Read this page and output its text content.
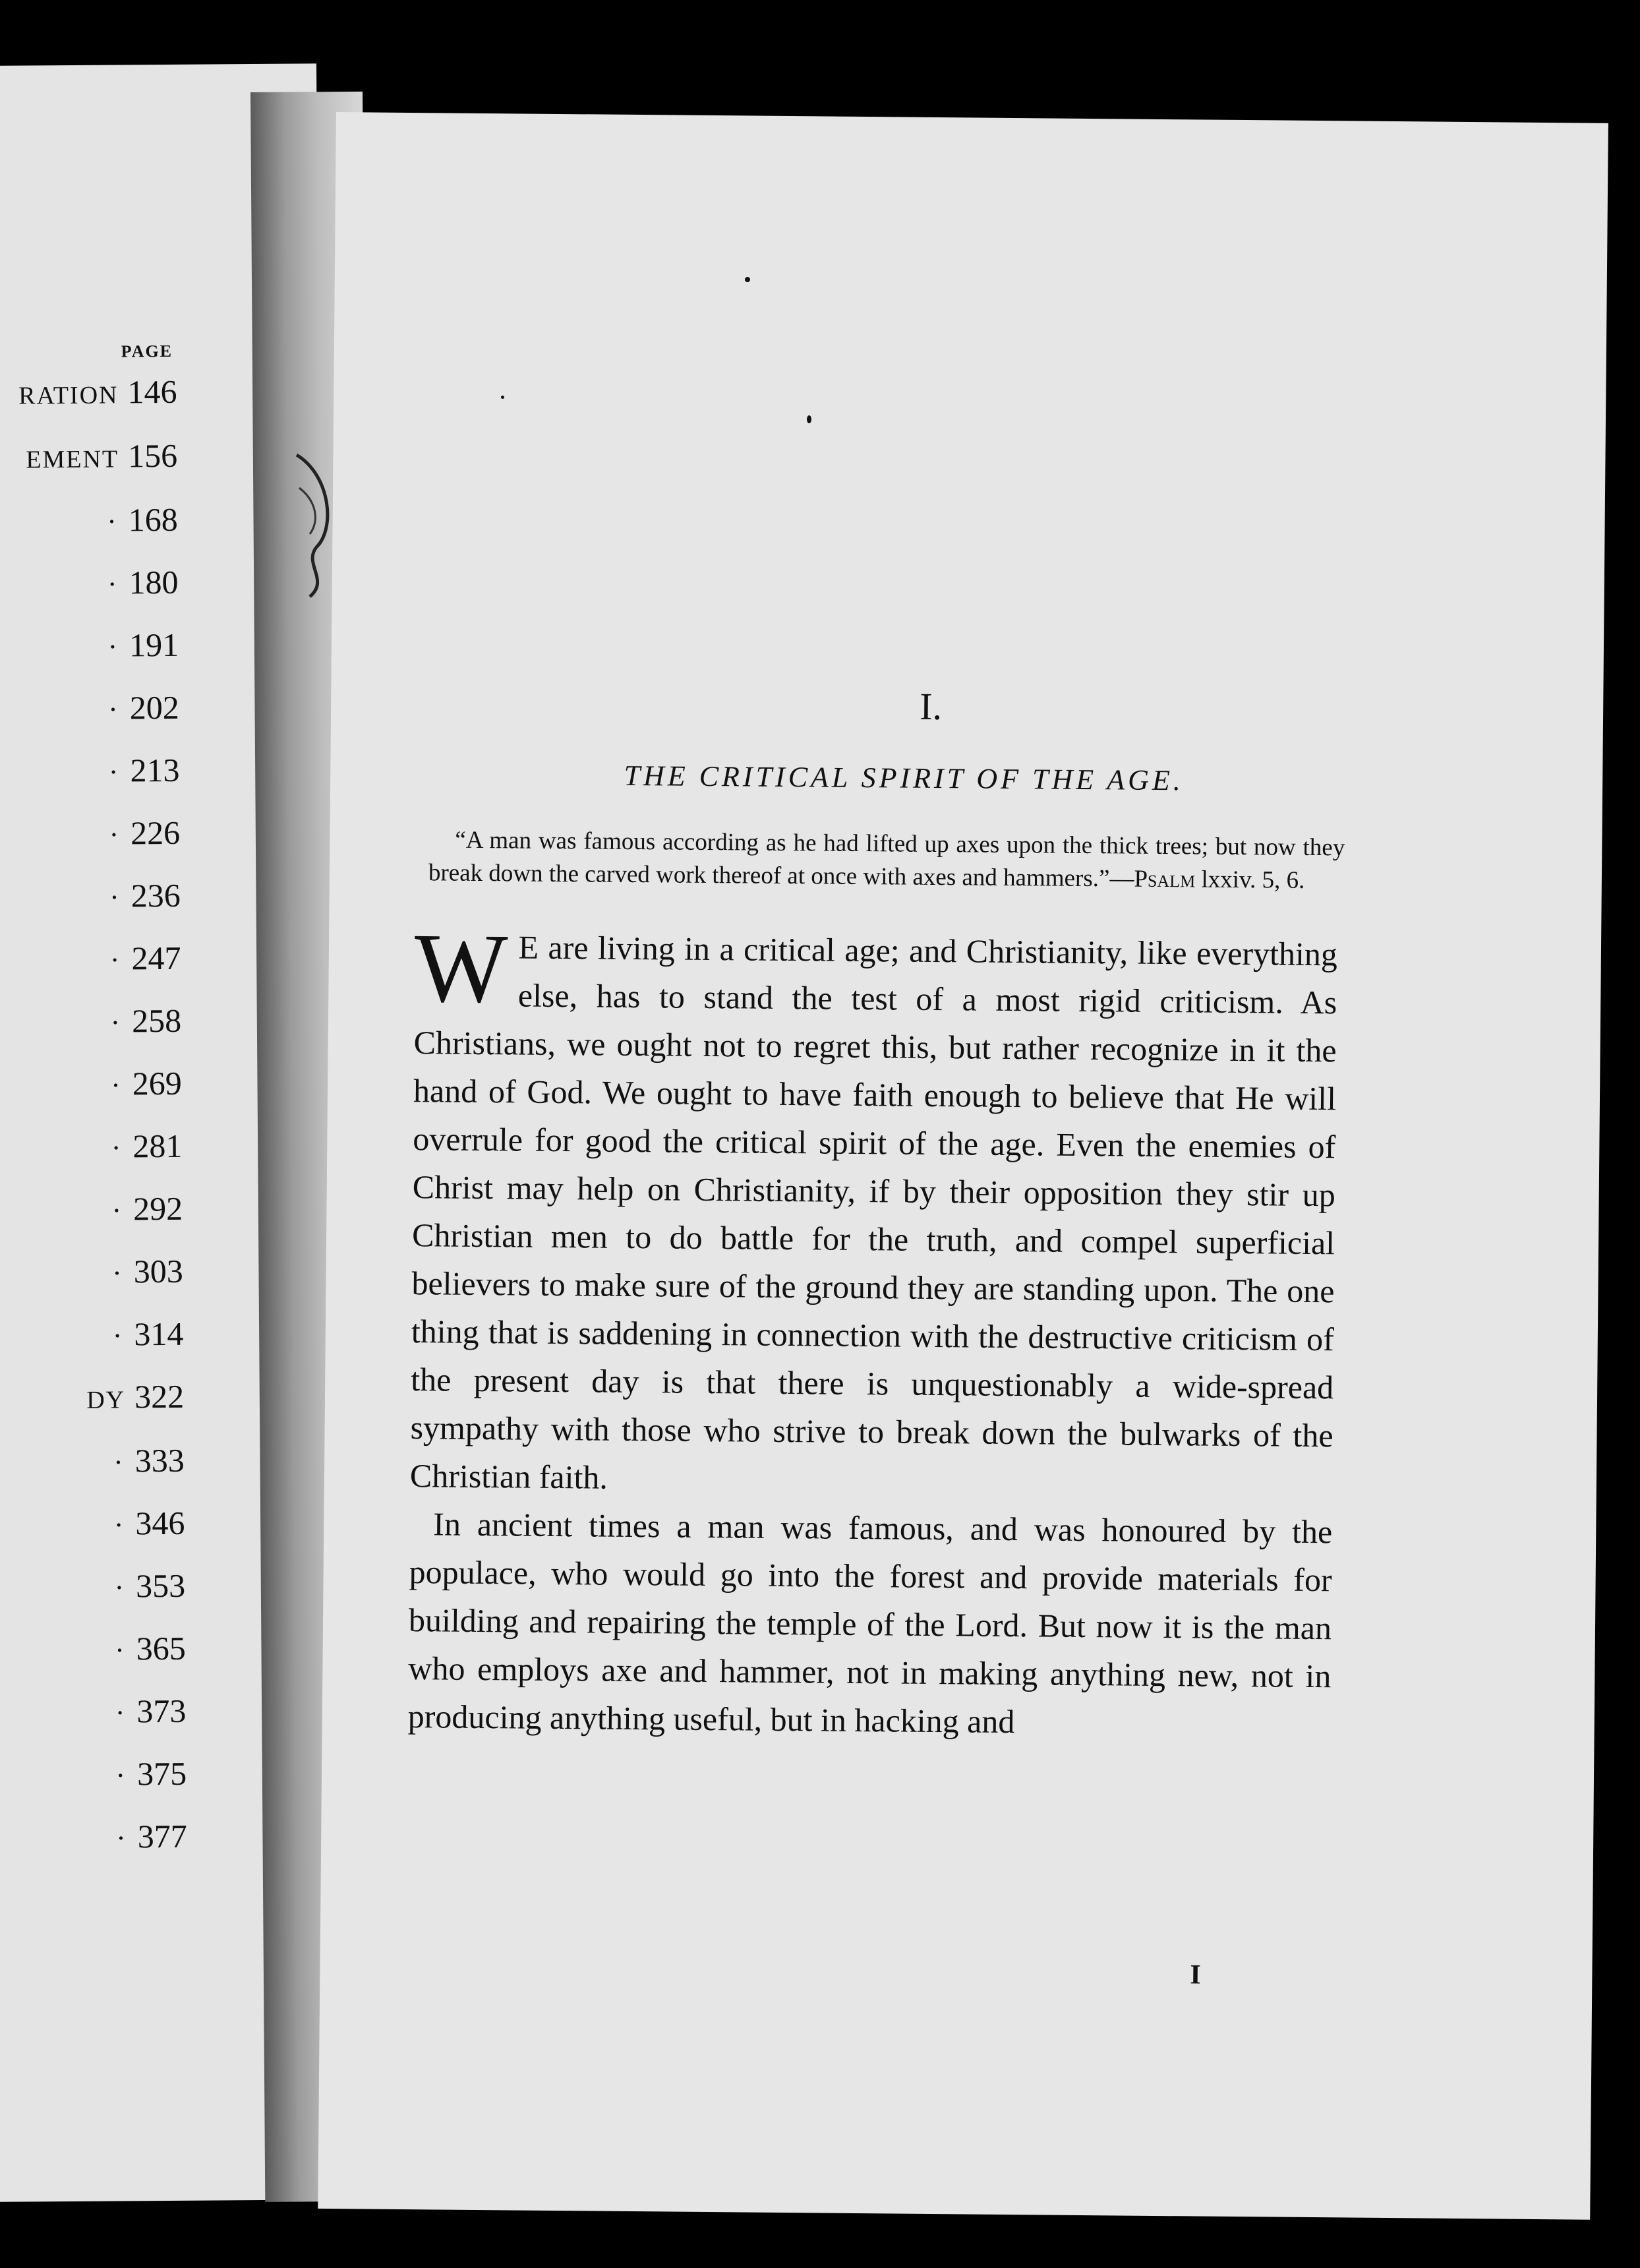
PAGE
RATION 146
EMENT 156
· 168
· 180
· 191
· 202
· 213
· 226
· 236
· 247
· 258
· 269
· 281
· 292
· 303
· 314
DY 322
· 333
· 346
· 353
· 365
· 373
· 375
· 377
I.
THE CRITICAL SPIRIT OF THE AGE.
“A man was famous according as he had lifted up axes upon the thick trees; but now they break down the carved work thereof at once with axes and hammers.”—Psalm lxxiv. 5, 6.

W E are living in a critical age; and Christianity, like everything else, has to stand the test of a most rigid criticism. As Christians, we ought not to regret this, but rather recognize in it the hand of God. We ought to have faith enough to believe that He will overrule for good the critical spirit of the age. Even the enemies of Christ may help on Christianity, if by their opposition they stir up Christian men to do battle for the truth, and compel superficial believers to make sure of the ground they are standing upon. The one thing that is saddening in connection with the destructive criticism of the present day is that there is unquestionably a wide-spread sympathy with those who strive to break down the bulwarks of the Christian faith.

In ancient times a man was famous, and was honoured by the populace, who would go into the forest and provide materials for building and repairing the temple of the Lord. But now it is the man who employs axe and hammer, not in making anything new, not in producing anything useful, but in hacking and

I
